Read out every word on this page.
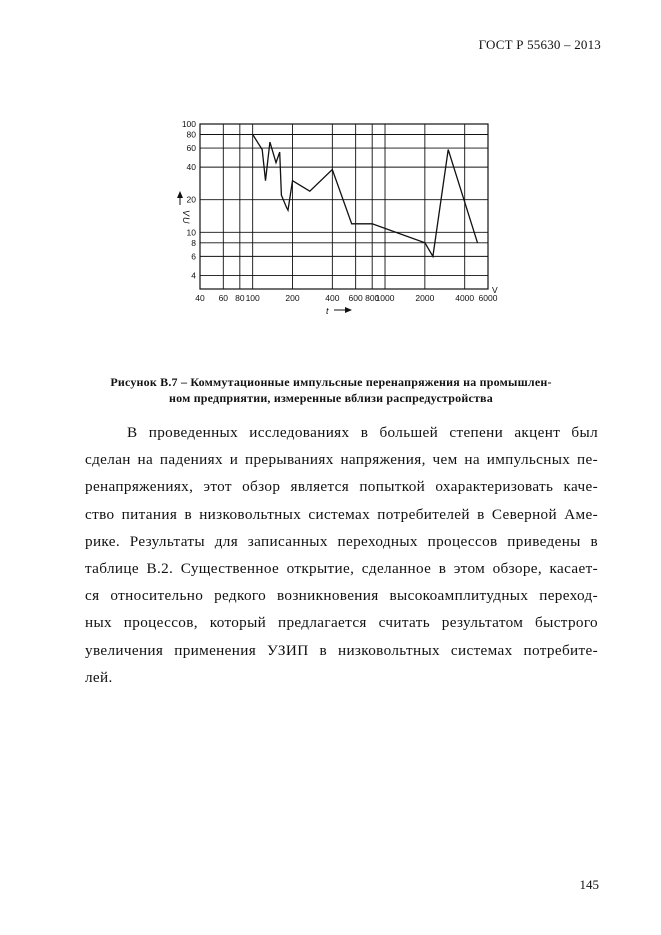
ГОСТ Р 55630 – 2013
4
6
8
10
20
40
60
80
100
40 60 80 100	200	400 600 800
1000 2000 4000 6000
U
V
t
V
Рисунок В.7 – Коммутационные импульсные перенапряжения на промышлен-
ном предприятии, измеренные вблизи распредустройства
В проведенных исследованиях в большей степени акцент был
сделан на падениях и прерываниях напряжения, чем на импульсных пе-
ренапряжениях, этот обзор является попыткой охарактеризовать каче-
ство питания в низковольтных системах потребителей в Северной Аме-
рике. Результаты для записанных переходных процессов приведены в
таблице В.2. Существенное открытие, сделанное в этом обзоре, касает-
ся относительно редкого возникновения высокоамплитудных переход-
ных процессов, который предлагается считать результатом быстрого
увеличения применения УЗИП в низковольтных системах потребите-
лей.
145
